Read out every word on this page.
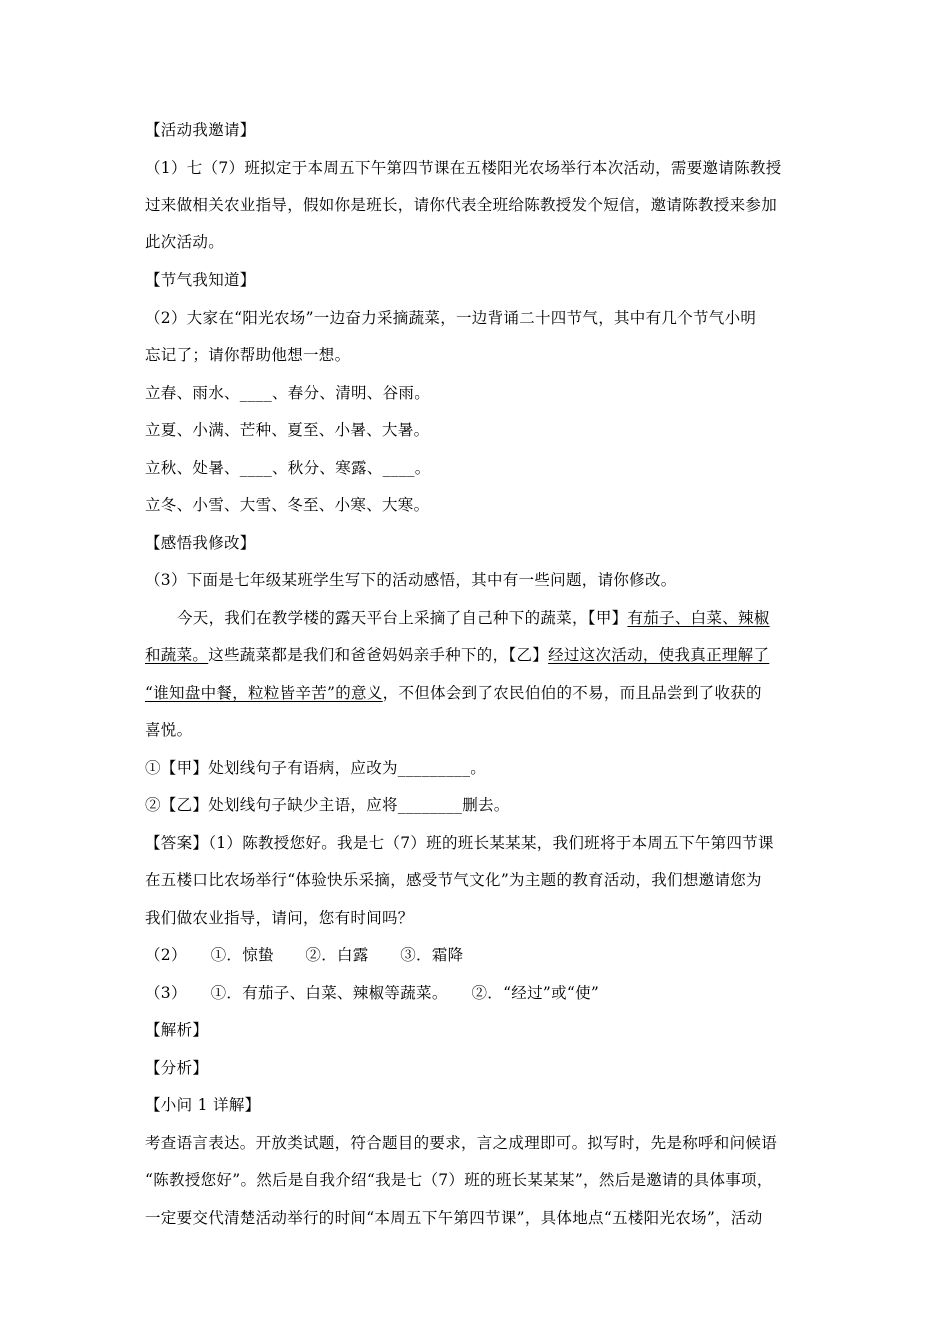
【活动我邀请】
（1）七（7）班拟定于本周五下午第四节课在五楼阳光农场举行本次活动，需要邀请陈教授
过来做相关农业指导，假如你是班长，请你代表全班给陈教授发个短信，邀请陈教授来参加
此次活动。
【节气我知道】
（2）大家在“阳光农场”一边奋力采摘蔬菜，一边背诵二十四节气，其中有几个节气小明
忘记了；请你帮助他想一想。
立春、雨水、____、春分、清明、谷雨。
立夏、小满、芒种、夏至、小暑、大暑。
立秋、处暑、____、秋分、寒露、____。
立冬、小雪、大雪、冬至、小寒、大寒。
【感悟我修改】
（3）下面是七年级某班学生写下的活动感悟，其中有一些问题，请你修改。
今天，我们在教学楼的露天平台上采摘了自己种下的蔬菜，【甲】有茄子、白菜、辣椒
和蔬菜。这些蔬菜都是我们和爸爸妈妈亲手种下的，【乙】经过这次活动，使我真正理解了
“谁知盘中餐，粒粒皆辛苦”的意义，不但体会到了农民伯伯的不易，而且品尝到了收获的
喜悦。
①【甲】处划线句子有语病，应改为_________。
②【乙】处划线句子缺少主语，应将________删去。
【答案】（1）陈教授您好。我是七（7）班的班长某某某，我们班将于本周五下午第四节课
在五楼口比农场举行“体验快乐采摘，感受节气文化”为主题的教育活动，我们想邀请您为
我们做农业指导，请问，您有时间吗？
（2）　　①．惊蛰　　②．白露　　③．霜降
（3）　　①．有茄子、白菜、辣椒等蔬菜。　　②．“经过”或“使”
【解析】
【分析】
【小问 1 详解】
考查语言表达。开放类试题，符合题目的要求，言之成理即可。拟写时，先是称呼和问候语
“陈教授您好”。然后是自我介绍“我是七（7）班的班长某某某”，然后是邀请的具体事项，
一定要交代清楚活动举行的时间“本周五下午第四节课”，具体地点“五楼阳光农场”，活动
